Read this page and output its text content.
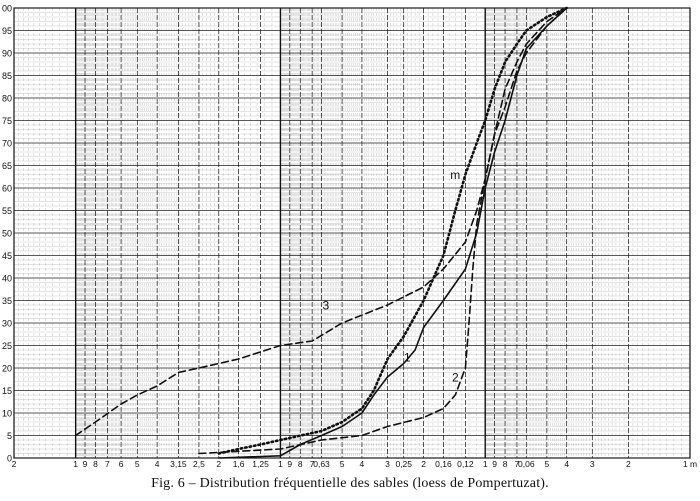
00
95
90
85
80
75
70
65
60
55
50
45
40
35
30
25
20
15
10
5
0
2	1 9 8 7 6 5 4 3,15 2,5 2 1,6 1,25 1 9 8 7
0,63 5 4 3 0,25 2 0,16 0,12 1 9 8 7
0,06 5 4 3	2	1 m
1
2
3
m
Fig. 6 – Distribution fréquentielle des sables (loess de Pompertuzat).
